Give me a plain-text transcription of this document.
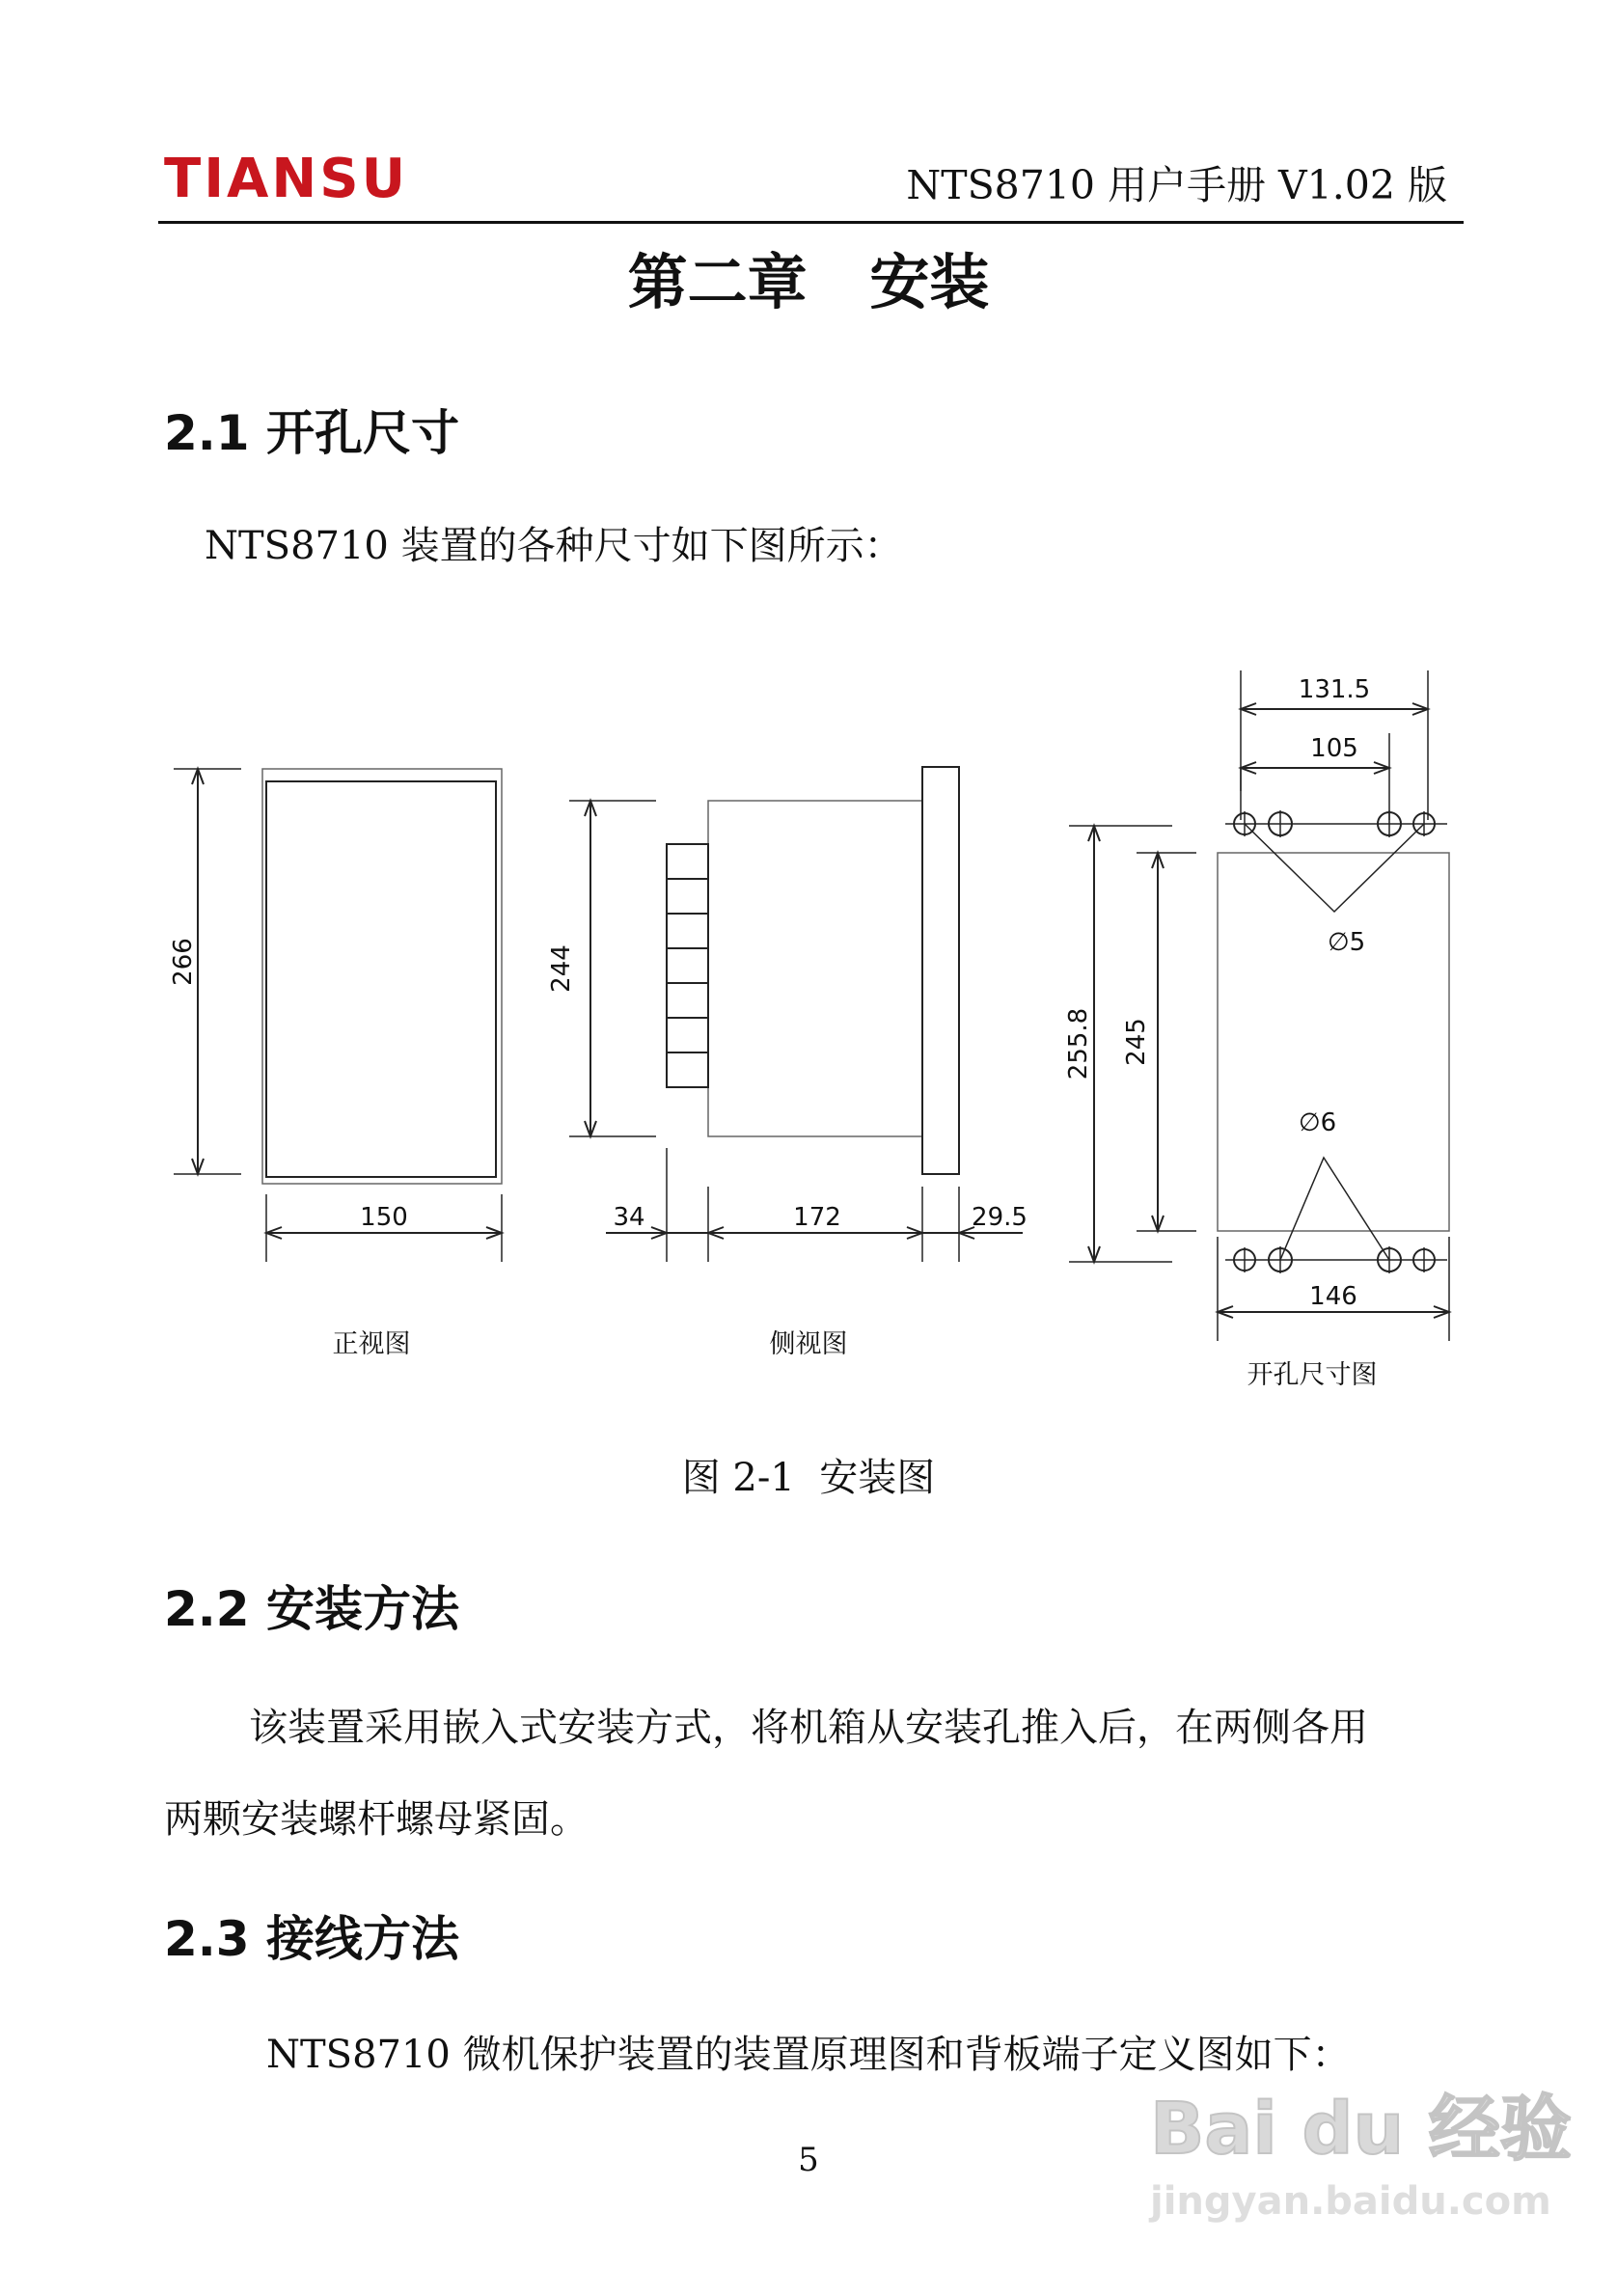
TIANSU	NTS8710 用户手册 V1.02 版
第二章   安装
2.1 开孔尺寸
NTS8710 装置的各种尺寸如下图所示：
266
150
正视图
244
34	172	29.5
侧视图
131.5
105
∅5
∅6
255.8 245
146
开孔尺寸图
图 2-1  安装图
2.2 安装方法
该装置采用嵌入式安装方式，将机箱从安装孔推入后，在两侧各用
两颗安装螺杆螺母紧固。
2.3 接线方法
NTS8710 微机保护装置的装置原理图和背板端子定义图如下：
5	Bai du 经验
jingyan.baidu.com
